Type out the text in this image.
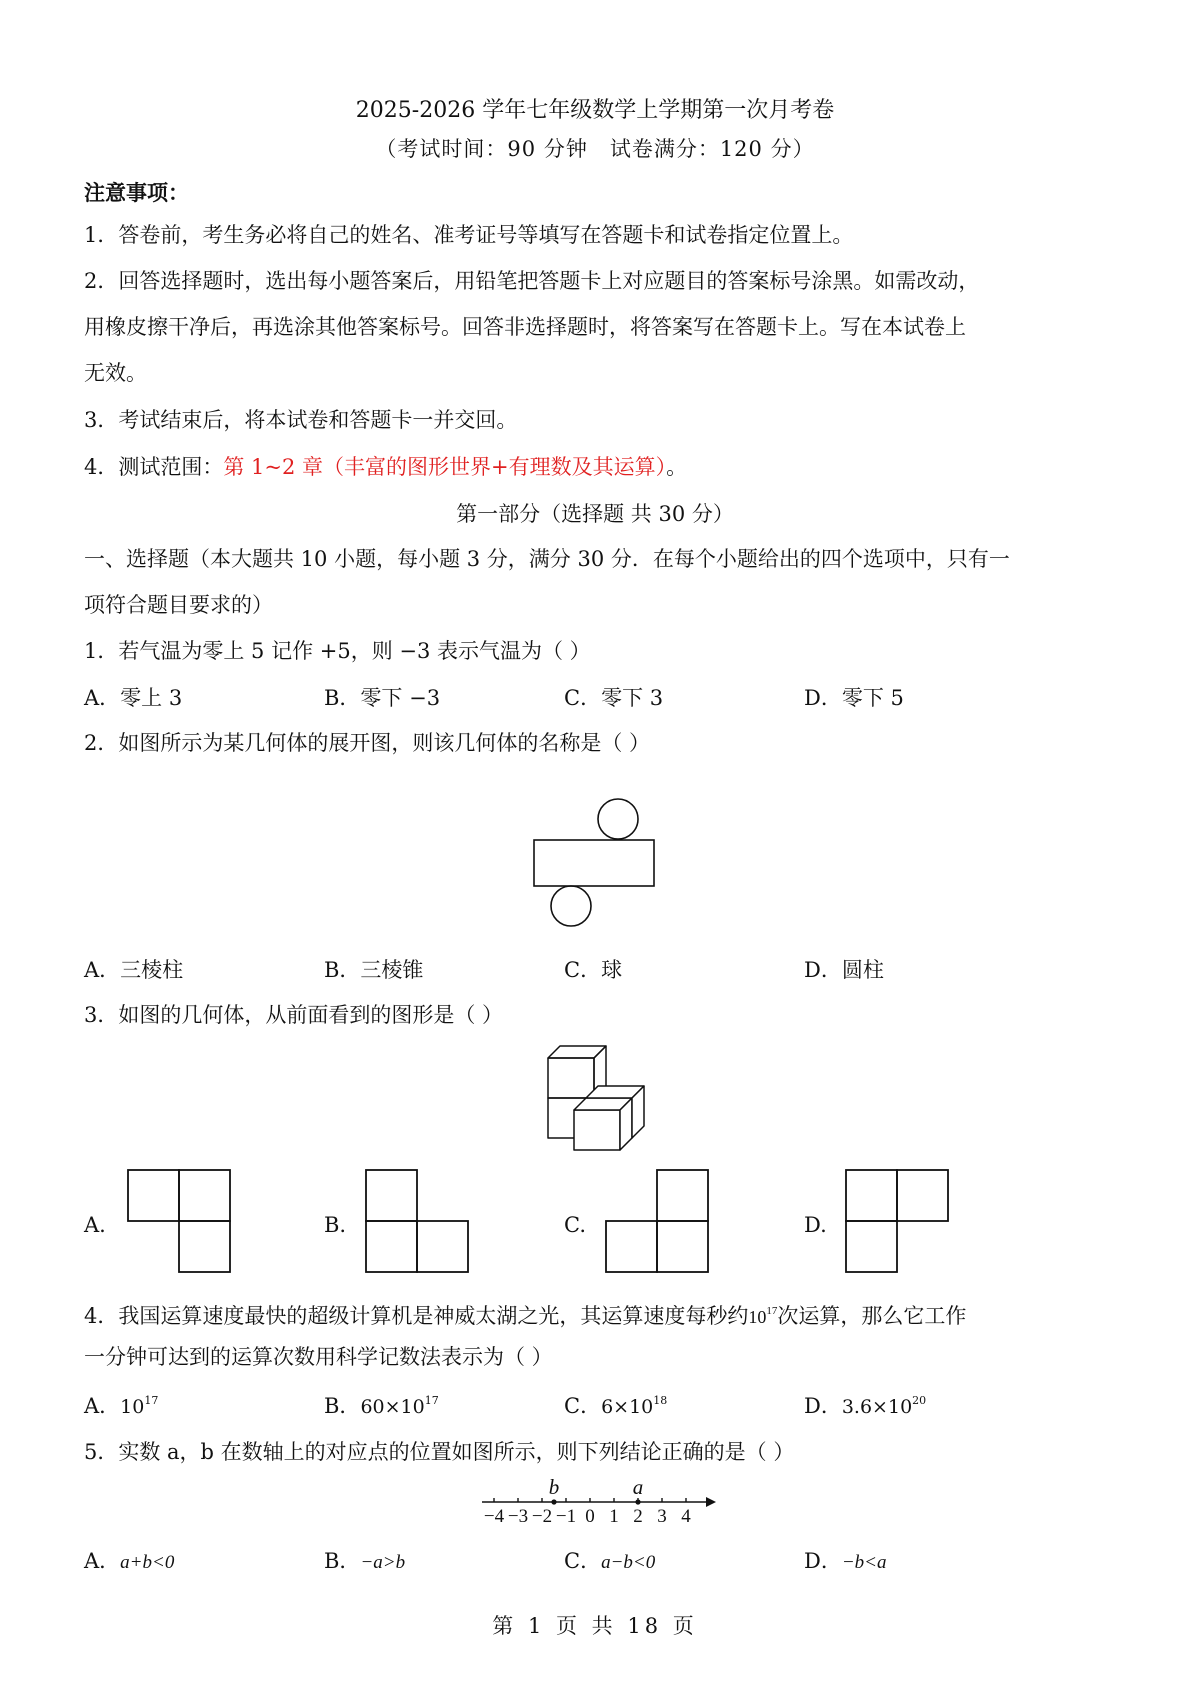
2025-2026 学年七年级数学上学期第一次月考卷
（考试时间：90 分钟　试卷满分：120 分）
注意事项：
1．答卷前，考生务必将自己的姓名、准考证号等填写在答题卡和试卷指定位置上。
2．回答选择题时，选出每小题答案后，用铅笔把答题卡上对应题目的答案标号涂黑。如需改动，
用橡皮擦干净后，再选涂其他答案标号。回答非选择题时，将答案写在答题卡上。写在本试卷上
无效。
3．考试结束后，将本试卷和答题卡一并交回。
4．测试范围：第 1~2 章（丰富的图形世界+有理数及其运算）。
第一部分（选择题 共 30 分）
一、选择题（本大题共 10 小题，每小题 3 分，满分 30 分．在每个小题给出的四个选项中，只有一
项符合题目要求的）
1．若气温为零上 5 记作 +5，则 −3 表示气温为（ ）
A．零上 3	B．零下 −3	C．零下 3	D．零下 5
2．如图所示为某几何体的展开图，则该几何体的名称是（ ）
A．三棱柱	B．三棱锥	C．球	D．圆柱
3．如图的几何体，从前面看到的图形是（ ）
A.	B.	C.	D.
4．我国运算速度最快的超级计算机是神威太湖之光，其运算速度每秒约$10^{17}$次运算，那么它工作
一分钟可达到的运算次数用科学记数法表示为（ ）
A．$10^{17}$	B．$60\times 10^{17}$	C．$6\times 10^{18}$	D．$3.6\times 10^{20}$
5．实数 a，b 在数轴上的对应点的位置如图所示，则下列结论正确的是（ ）
−4 −3 −2 −1 0 1 2 3 4
b	a
A．a+b<0	B．−a>b	C．a−b<0	D．−b<a
第 1 页 共 18 页
